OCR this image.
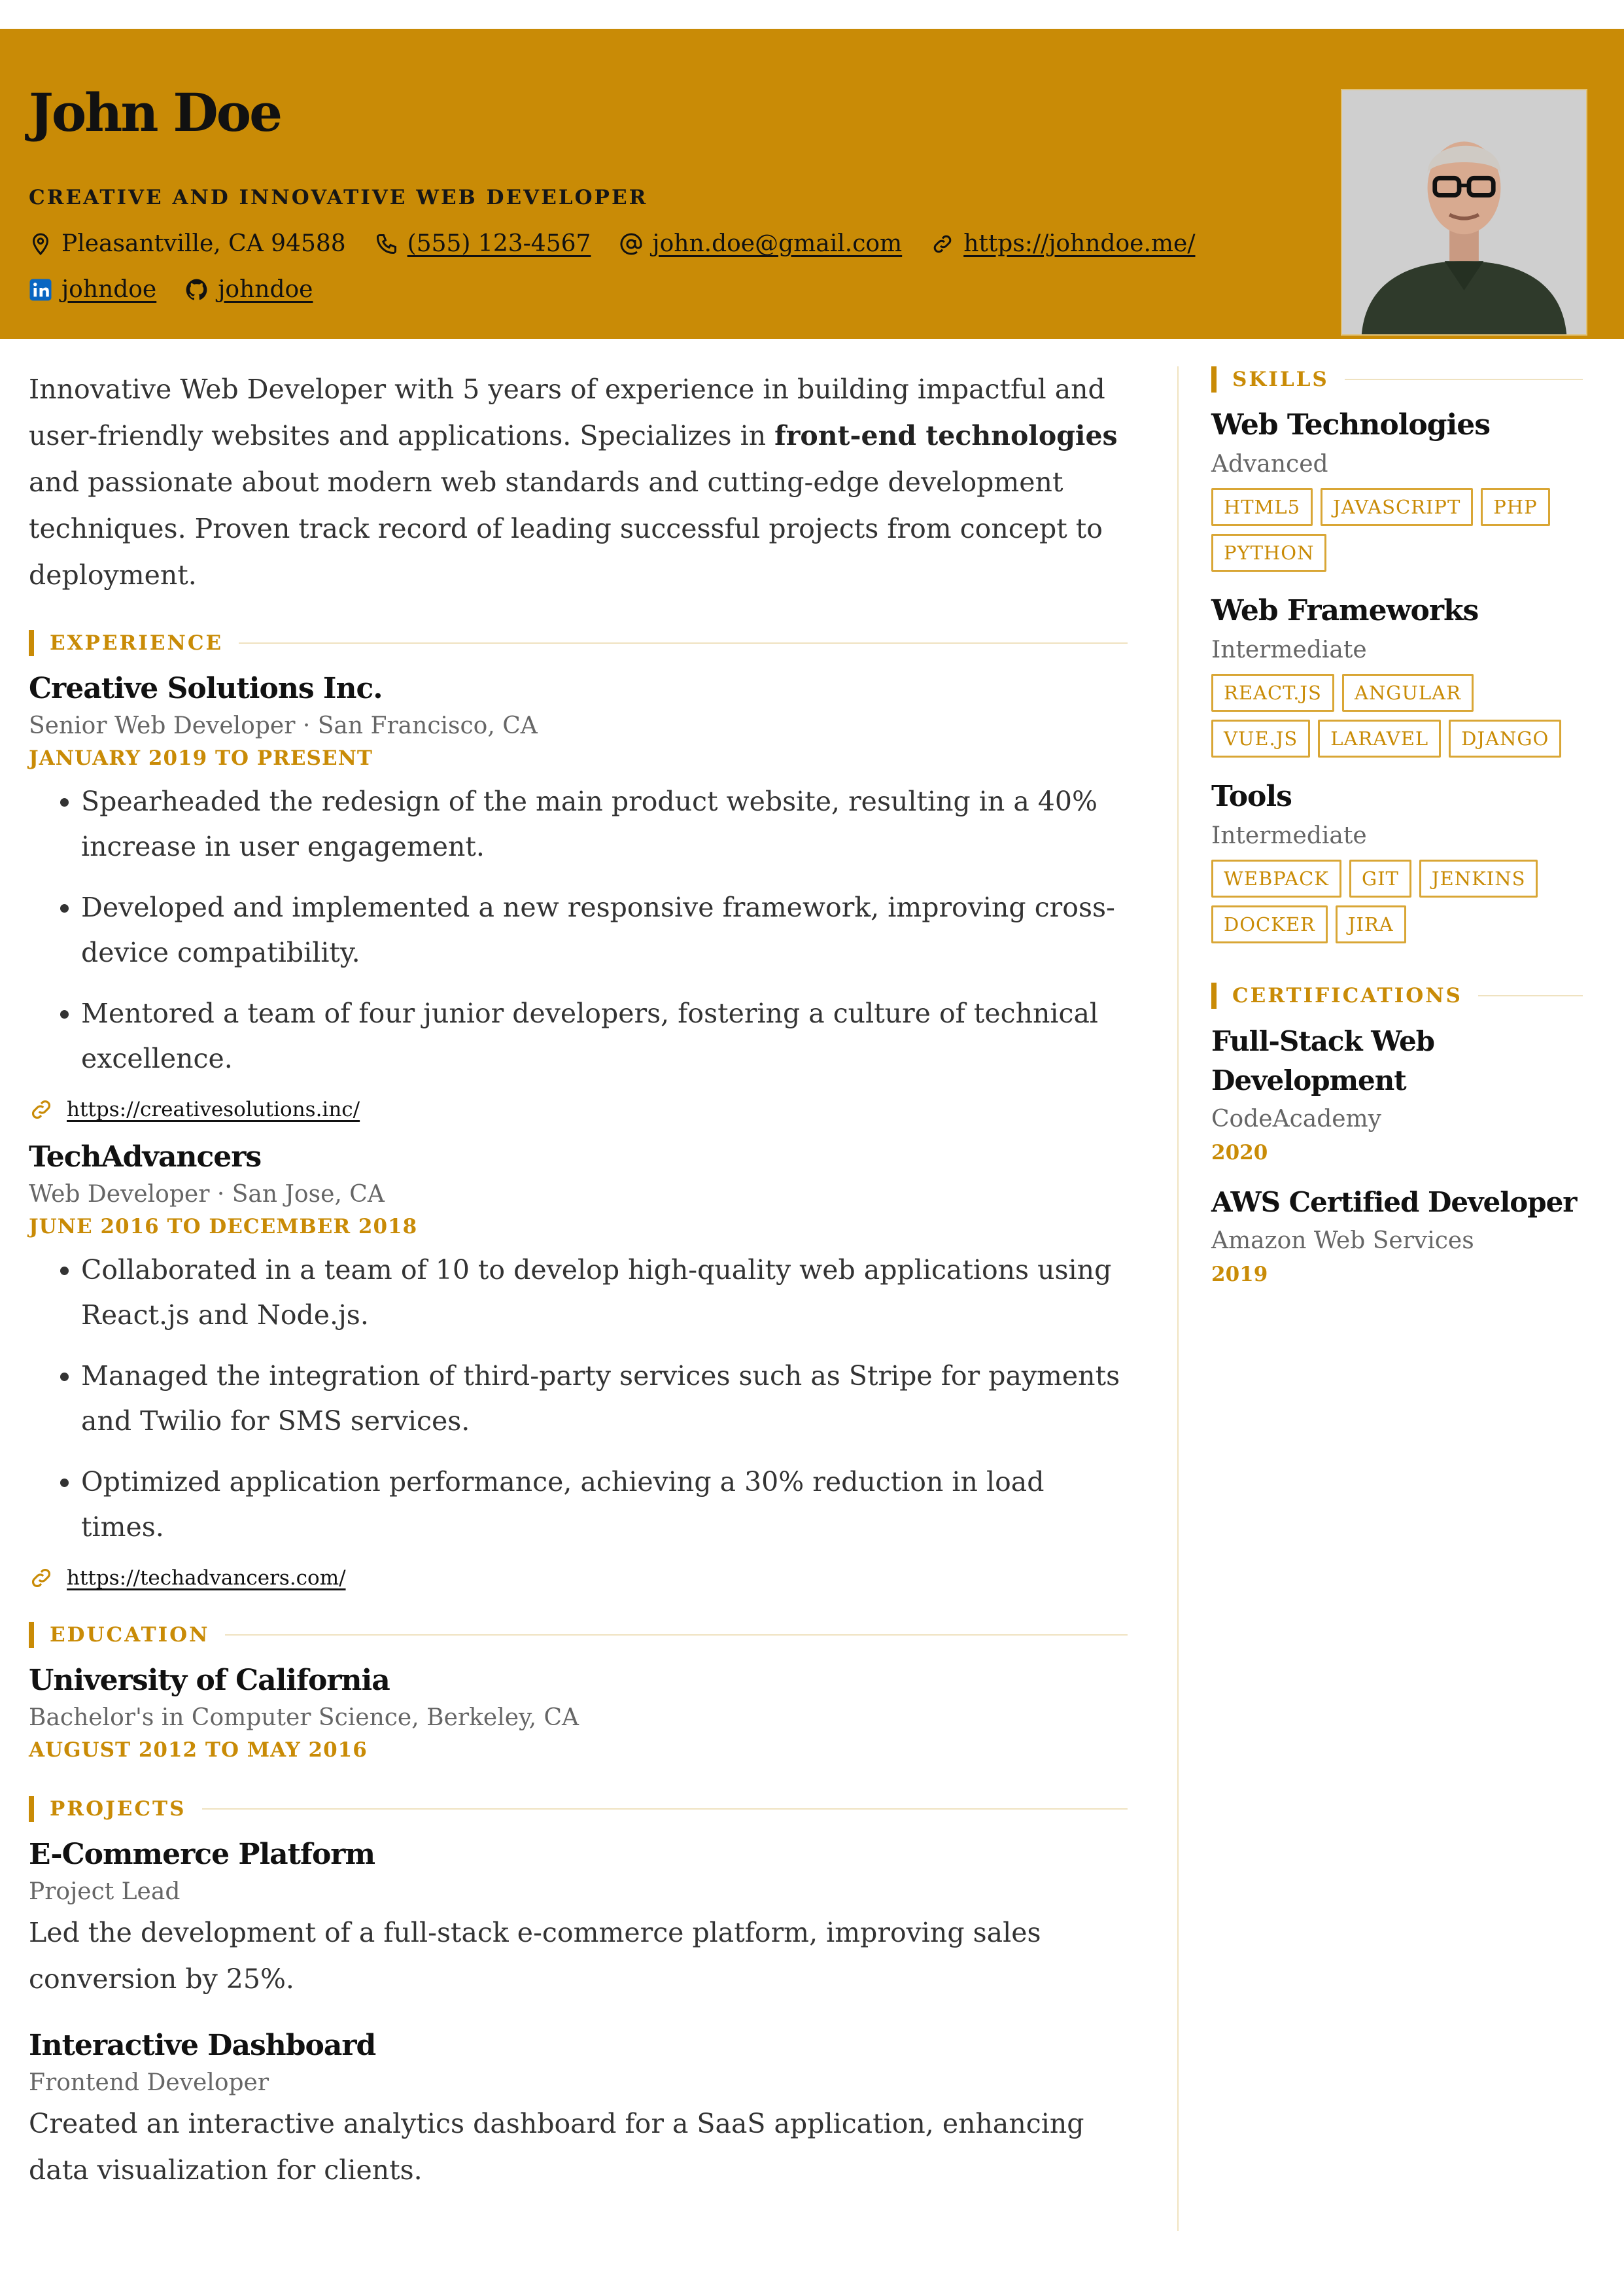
John Doe
CREATIVE AND INNOVATIVE WEB DEVELOPER
Pleasantville, CA 94588	(555) 123-4567	john.doe@gmail.com	https://johndoe.me/
johndoe	johndoe

Innovative Web Developer with 5 years of experience in building impactful and user-friendly websites and applications. Specializes in front-end technologies and passionate about modern web standards and cutting-edge development techniques. Proven track record of leading successful projects from concept to deployment.

EXPERIENCE
Creative Solutions Inc.
Senior Web Developer · San Francisco, CA
JANUARY 2019 TO PRESENT
• Spearheaded the redesign of the main product website, resulting in a 40% increase in user engagement.
• Developed and implemented a new responsive framework, improving cross-device compatibility.
• Mentored a team of four junior developers, fostering a culture of technical excellence.
https://creativesolutions.inc/
TechAdvancers
Web Developer · San Jose, CA
JUNE 2016 TO DECEMBER 2018
• Collaborated in a team of 10 to develop high-quality web applications using React.js and Node.js.
• Managed the integration of third-party services such as Stripe for payments and Twilio for SMS services.
• Optimized application performance, achieving a 30% reduction in load times.
https://techadvancers.com/
EDUCATION
University of California
Bachelor's in Computer Science, Berkeley, CA
AUGUST 2012 TO MAY 2016
PROJECTS
E-Commerce Platform
Project Lead

Led the development of a full-stack e-commerce platform, improving sales conversion by 25%.

Interactive Dashboard
Frontend Developer

Created an interactive analytics dashboard for a SaaS application, enhancing data visualization for clients.

SKILLS
Web Technologies
Advanced
HTML5	JAVASCRIPT	PHP
PYTHON
Web Frameworks
Intermediate
REACT.JS	ANGULAR
VUE.JS	LARAVEL	DJANGO
Tools
Intermediate
WEBPACK	GIT	JENKINS
DOCKER	JIRA
CERTIFICATIONS
Full-Stack Web Development
CodeAcademy
2020
AWS Certified Developer
Amazon Web Services
2019
